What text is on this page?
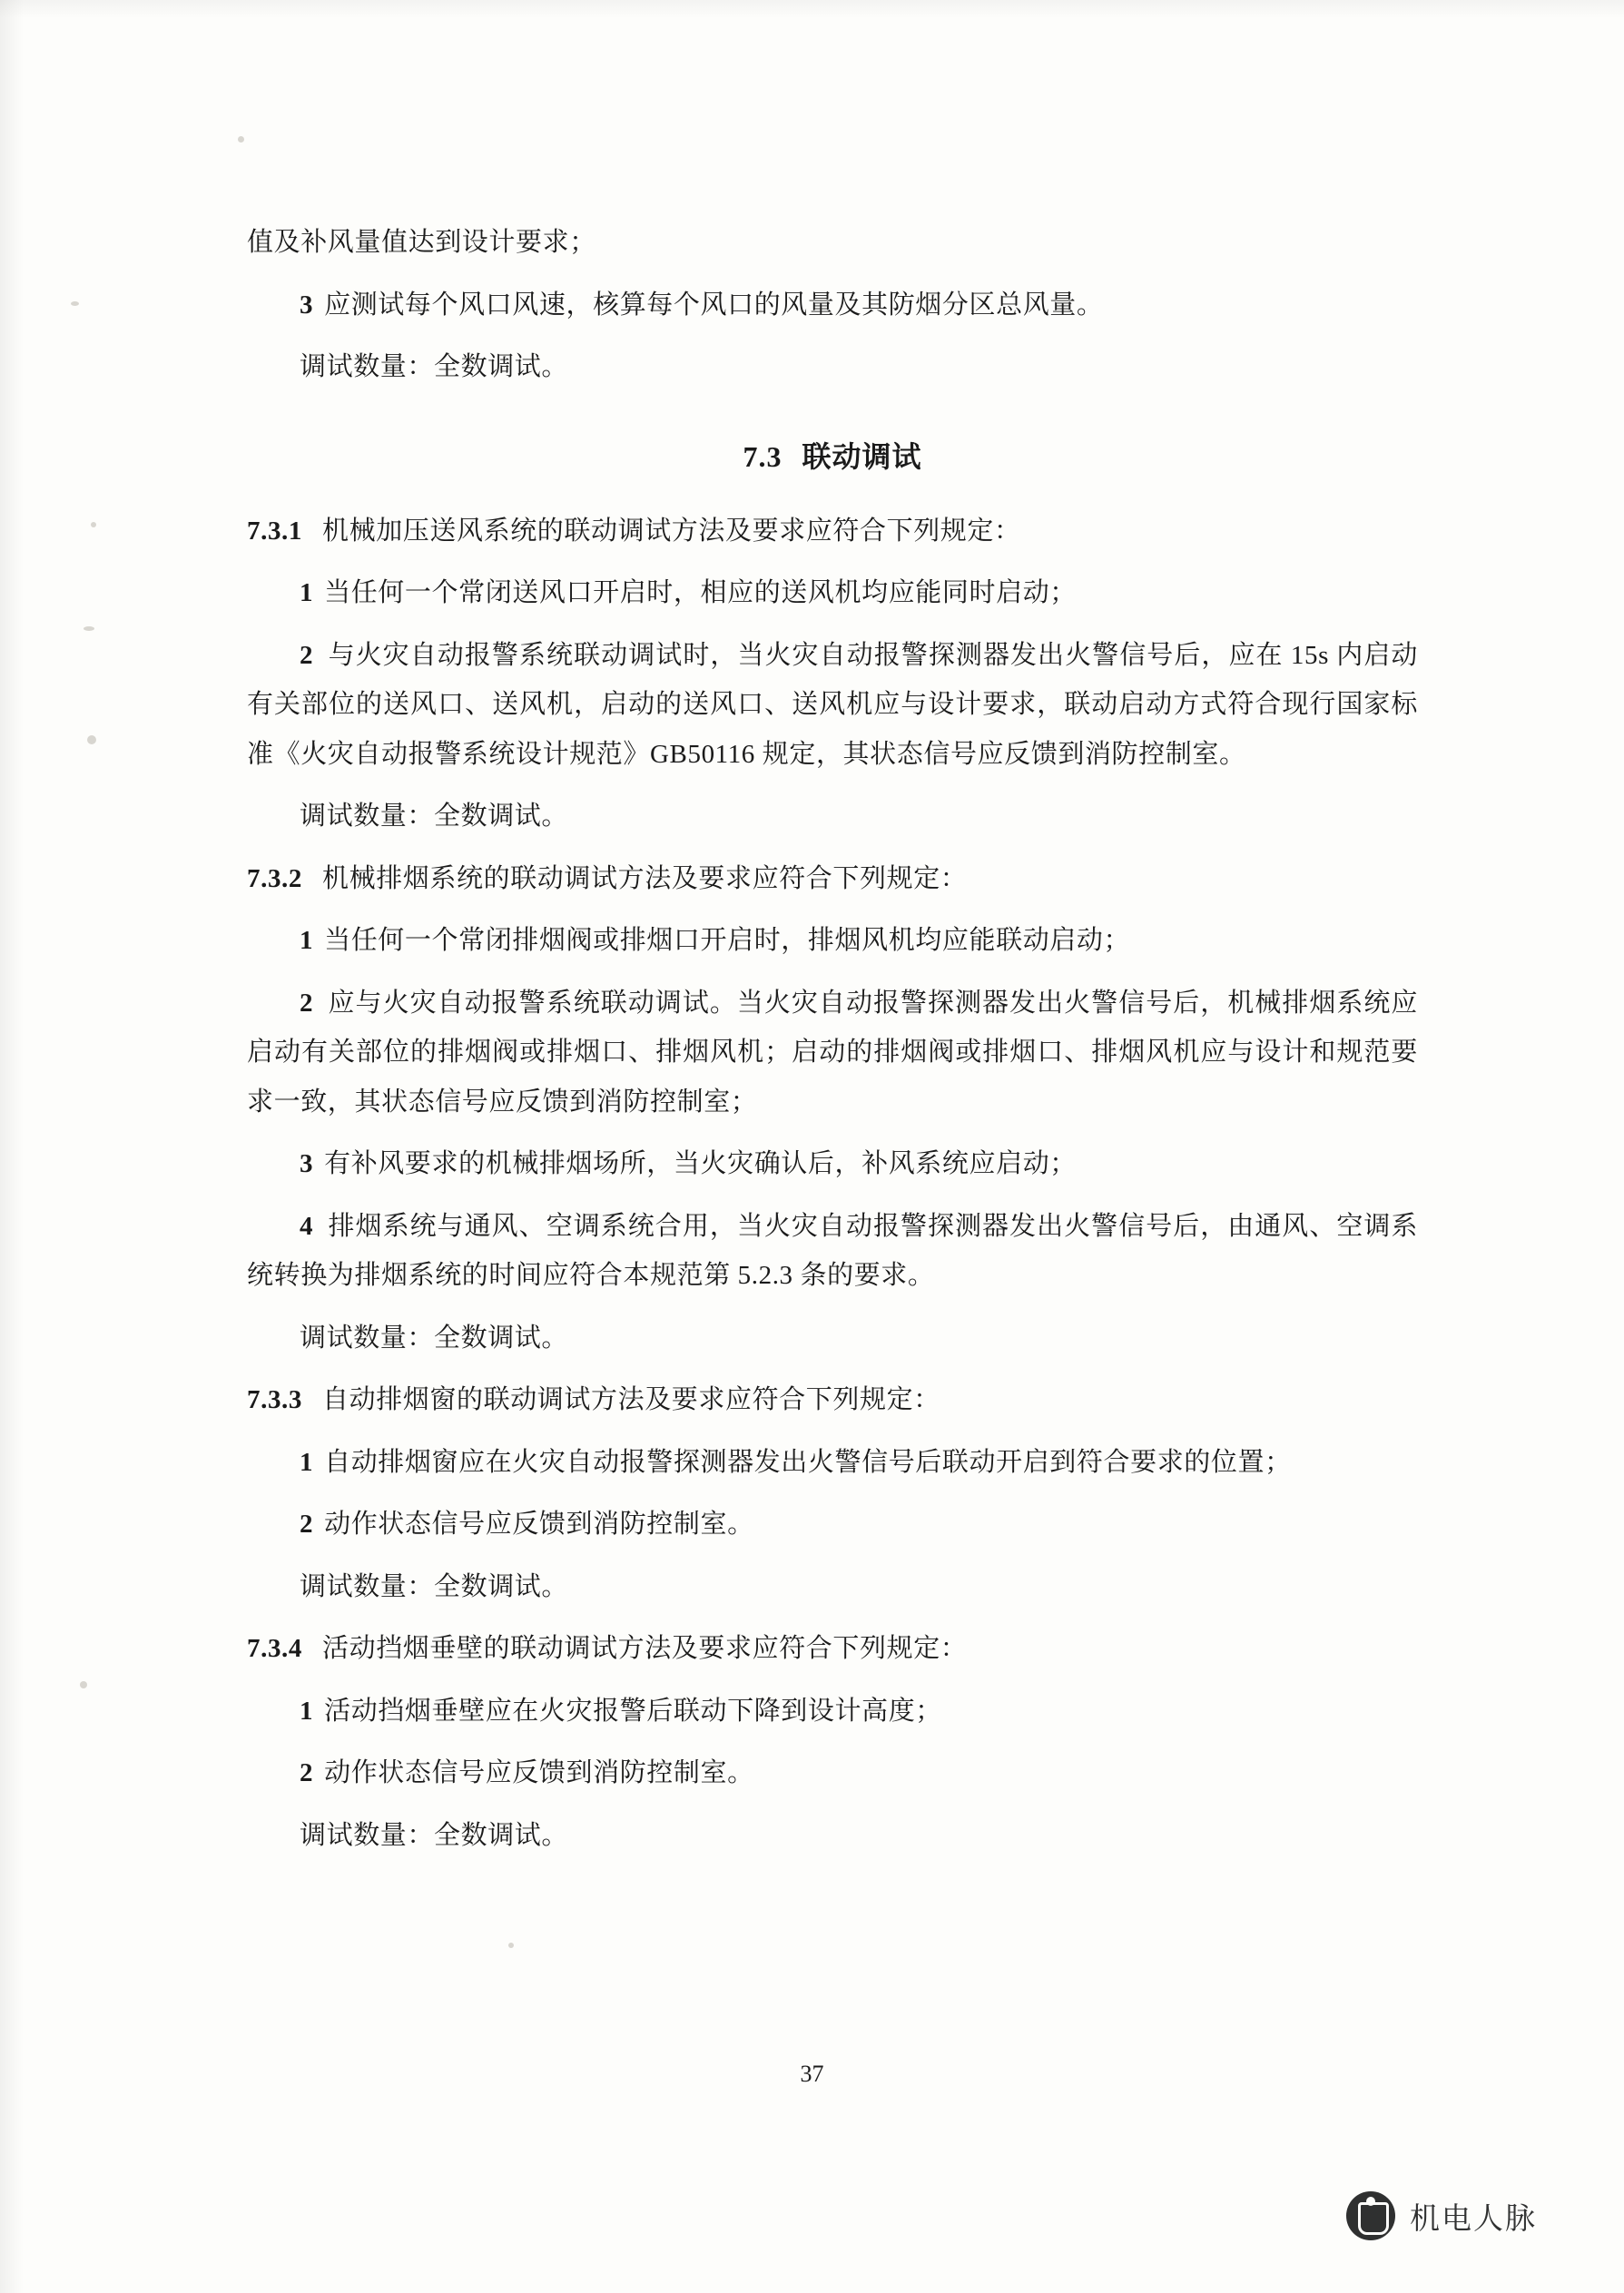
值及补风量值达到设计要求；

3 应测试每个风口风速，核算每个风口的风量及其防烟分区总风量。

调试数量：全数调试。

7.3 联动调试

7.3.1 机械加压送风系统的联动调试方法及要求应符合下列规定：

1 当任何一个常闭送风口开启时，相应的送风机均应能同时启动；

2 与火灾自动报警系统联动调试时，当火灾自动报警探测器发出火警信号后，应在 15s 内启动有关部位的送风口、送风机，启动的送风口、送风机应与设计要求，联动启动方式符合现行国家标准《火灾自动报警系统设计规范》GB50116 规定，其状态信号应反馈到消防控制室。

调试数量：全数调试。

7.3.2 机械排烟系统的联动调试方法及要求应符合下列规定：

1 当任何一个常闭排烟阀或排烟口开启时，排烟风机均应能联动启动；

2 应与火灾自动报警系统联动调试。当火灾自动报警探测器发出火警信号后，机械排烟系统应启动有关部位的排烟阀或排烟口、排烟风机；启动的排烟阀或排烟口、排烟风机应与设计和规范要求一致，其状态信号应反馈到消防控制室；

3 有补风要求的机械排烟场所，当火灾确认后，补风系统应启动；

4 排烟系统与通风、空调系统合用，当火灾自动报警探测器发出火警信号后，由通风、空调系统转换为排烟系统的时间应符合本规范第 5.2.3 条的要求。

调试数量：全数调试。

7.3.3 自动排烟窗的联动调试方法及要求应符合下列规定：

1 自动排烟窗应在火灾自动报警探测器发出火警信号后联动开启到符合要求的位置；

2 动作状态信号应反馈到消防控制室。

调试数量：全数调试。

7.3.4 活动挡烟垂壁的联动调试方法及要求应符合下列规定：

1 活动挡烟垂壁应在火灾报警后联动下降到设计高度；

2 动作状态信号应反馈到消防控制室。

调试数量：全数调试。

37
机电人脉
